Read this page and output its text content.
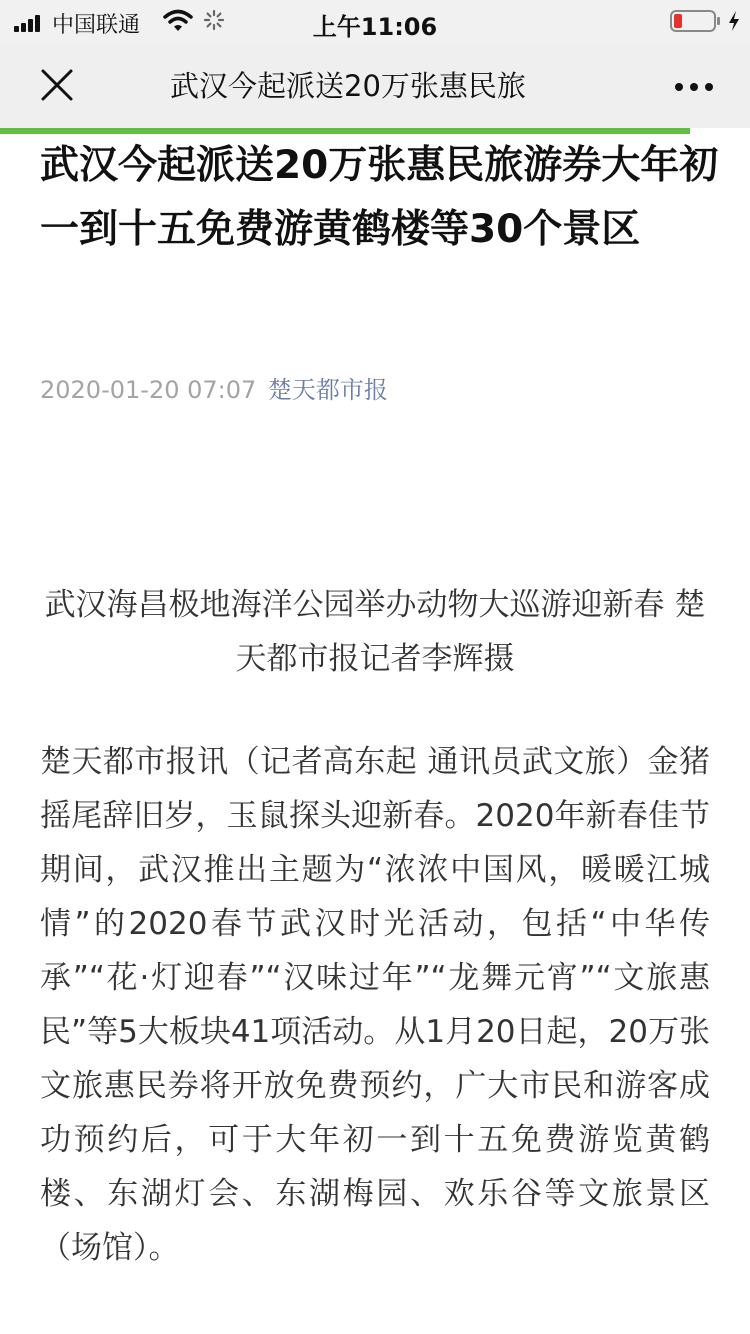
中国联通	上午11:06
武汉今起派送20万张惠民旅
武汉今起派送20万张惠民旅游券大年初一到十五免费游黄鹤楼等30个景区
2020-01-20 07:07 楚天都市报

武汉海昌极地海洋公园举办动物大巡游迎新春 楚天都市报记者李辉摄

楚天都市报讯（记者高东起 通讯员武文旅）金猪摇尾辞旧岁，玉鼠探头迎新春。2020年新春佳节期间，武汉推出主题为“浓浓中国风，暖暖江城情”的2020春节武汉时光活动，包括“中华传承”“花·灯迎春”“汉味过年”“龙舞元宵”“文旅惠民”等5大板块41项活动。从1月20日起，20万张文旅惠民券将开放免费预约，广大市民和游客成功预约后，可于大年初一到十五免费游览黄鹤楼、东湖灯会、东湖梅园、欢乐谷等文旅景区（场馆）。
